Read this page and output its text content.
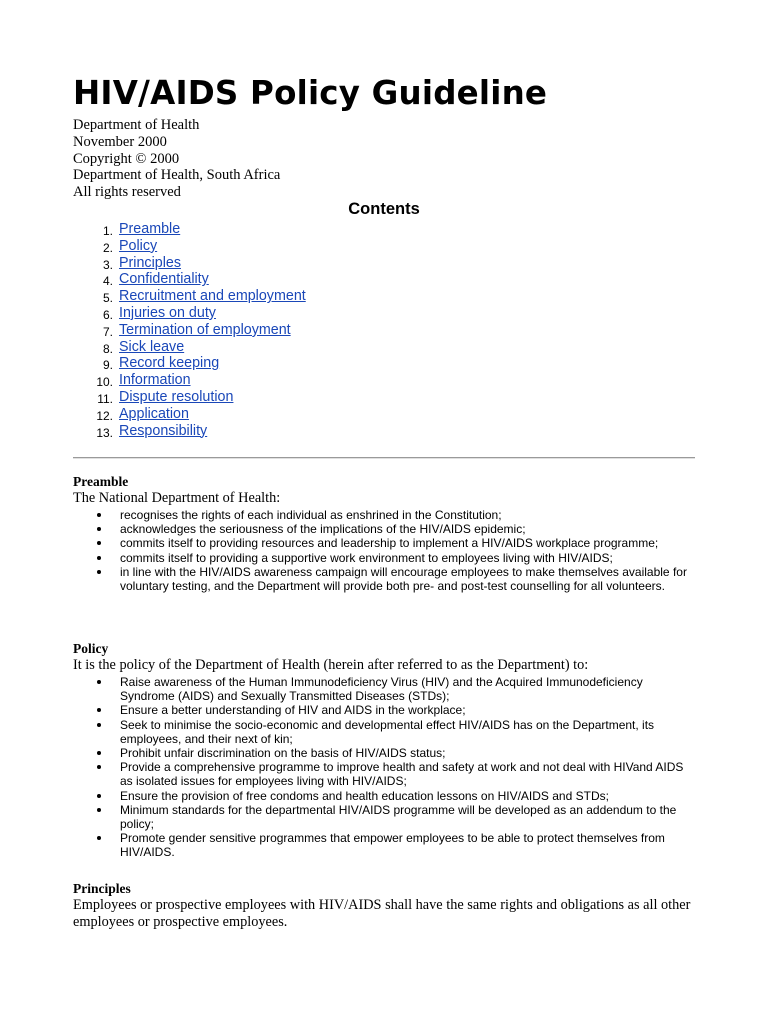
HIV/AIDS Policy Guideline
Department of Health
November 2000
Copyright © 2000
Department of Health, South Africa
All rights reserved
Contents
1. Preamble
2. Policy
3. Principles
4. Confidentiality
5. Recruitment and employment
6. Injuries on duty
7. Termination of employment
8. Sick leave
9. Record keeping
10. Information
11. Dispute resolution
12. Application
13. Responsibility
Preamble
The National Department of Health:
recognises the rights of each individual as enshrined in the Constitution;
acknowledges the seriousness of the implications of the HIV/AIDS epidemic;
commits itself to providing resources and leadership to implement a HIV/AIDS workplace programme;
commits itself to providing a supportive work environment to employees living with HIV/AIDS;
in line with the HIV/AIDS awareness campaign will encourage employees to make themselves available for voluntary testing, and the Department will provide both pre- and post-test counselling for all volunteers.
Policy
It is the policy of the Department of Health (herein after referred to as the Department) to:
Raise awareness of the Human Immunodeficiency Virus (HIV) and the Acquired Immunodeficiency Syndrome (AIDS) and Sexually Transmitted Diseases (STDs);
Ensure a better understanding of HIV and AIDS in the workplace;
Seek to minimise the socio-economic and developmental effect HIV/AIDS has on the Department, its employees, and their next of kin;
Prohibit unfair discrimination on the basis of HIV/AIDS status;
Provide a comprehensive programme to improve health and safety at work and not deal with HIVand AIDS as isolated issues for employees living with HIV/AIDS;
Ensure the provision of free condoms and health education lessons on HIV/AIDS and STDs;
Minimum standards for the departmental HIV/AIDS programme will be developed as an addendum to the policy;
Promote gender sensitive programmes that empower employees to be able to protect themselves from HIV/AIDS.
Principles
Employees or prospective employees with HIV/AIDS shall have the same rights and obligations as all other employees or prospective employees.
